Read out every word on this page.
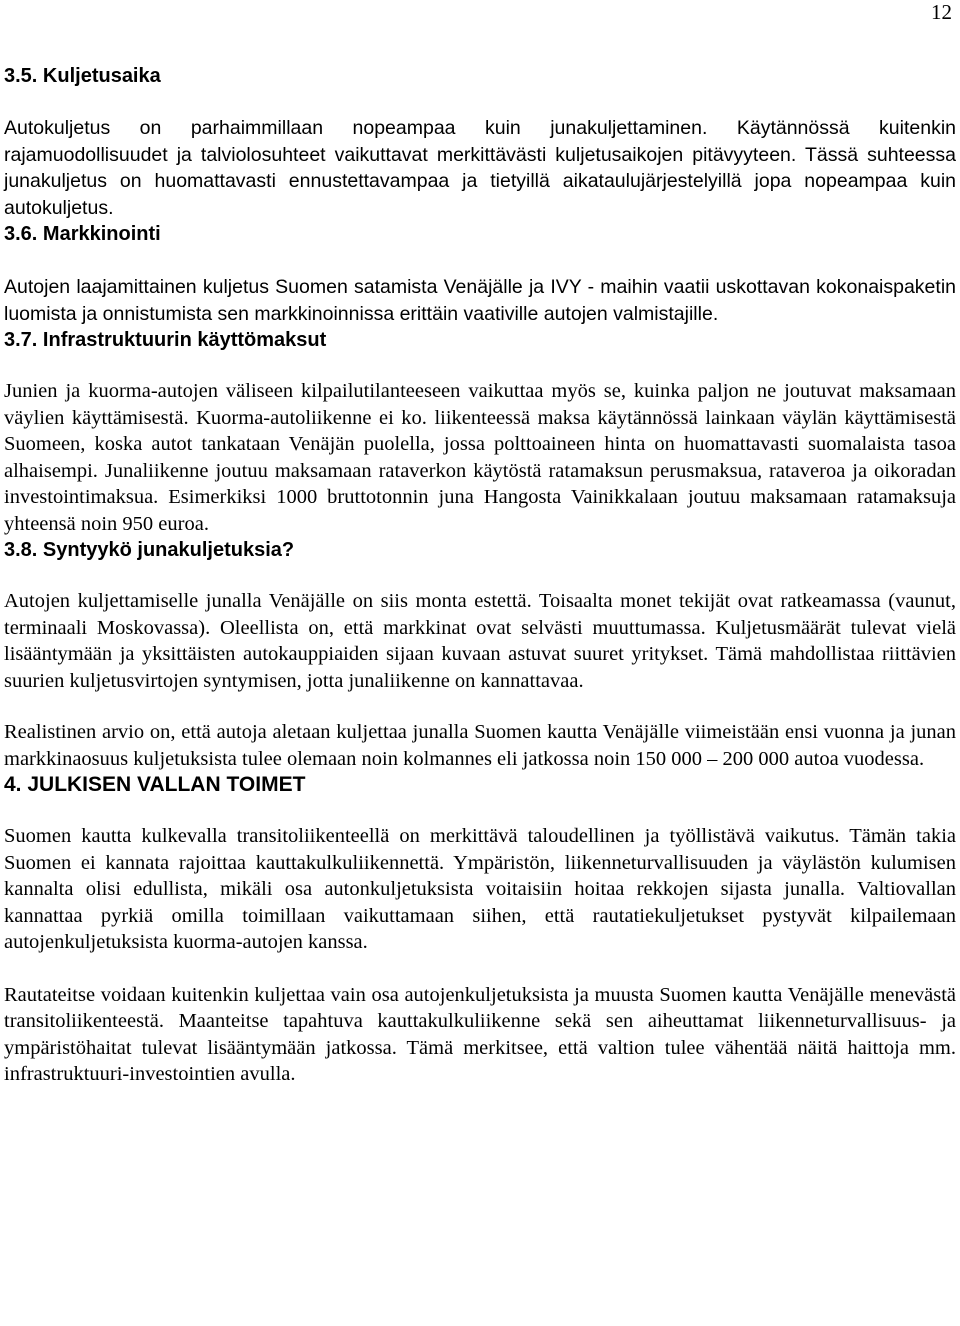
12
3.5. Kuljetusaika

Autokuljetus on parhaimmillaan nopeampaa kuin junakuljettaminen. Käytännössä kuitenkin rajamuodollisuudet ja talviolosuhteet vaikuttavat merkittävästi kuljetusaikojen pitävyyteen. Tässä suhteessa junakuljetus on huomattavasti ennustettavampaa ja tietyillä aikataulujärjestelyillä jopa nopeampaa kuin autokuljetus.

3.6. Markkinointi

Autojen laajamittainen kuljetus Suomen satamista Venäjälle ja IVY - maihin vaatii uskottavan kokonaispaketin luomista ja onnistumista sen markkinoinnissa erittäin vaativille autojen valmistajille.

3.7. Infrastruktuurin käyttömaksut

Junien ja kuorma-autojen väliseen kilpailutilanteeseen vaikuttaa myös se, kuinka paljon ne joutuvat maksamaan väylien käyttämisestä. Kuorma-autoliikenne ei ko. liikenteessä maksa käytännössä lainkaan väylän käyttämisestä Suomeen, koska autot tankataan Venäjän puolella, jossa polttoaineen hinta on huomattavasti suomalaista tasoa alhaisempi. Junaliikenne joutuu maksamaan rataverkon käytöstä ratamaksun perusmaksua, rataveroa ja oikoradan investointimaksua. Esimerkiksi 1000 bruttotonnin juna Hangosta Vainikkalaan joutuu maksamaan ratamaksuja yhteensä noin 950 euroa.

3.8. Syntyykö junakuljetuksia?

Autojen kuljettamiselle junalla Venäjälle on siis monta estettä. Toisaalta monet tekijät ovat ratkeamassa (vaunut, terminaali Moskovassa). Oleellista on, että markkinat ovat selvästi muuttumassa. Kuljetusmäärät tulevat vielä lisääntymään ja yksittäisten autokauppiaiden sijaan kuvaan astuvat suuret yritykset. Tämä mahdollistaa riittävien suurien kuljetusvirtojen syntymisen, jotta junaliikenne on kannattavaa.

Realistinen arvio on, että autoja aletaan kuljettaa junalla Suomen kautta Venäjälle viimeistään ensi vuonna ja junan markkinaosuus kuljetuksista tulee olemaan noin kolmannes eli jatkossa noin 150 000 – 200 000 autoa vuodessa.

4. JULKISEN VALLAN TOIMET

Suomen kautta kulkevalla transitoliikenteellä on merkittävä taloudellinen ja työllistävä vaikutus. Tämän takia Suomen ei kannata rajoittaa kauttakulkuliikennettä. Ympäristön, liikenneturvallisuuden ja väylästön kulumisen kannalta olisi edullista, mikäli osa autonkuljetuksista voitaisiin hoitaa rekkojen sijasta junalla. Valtiovallan kannattaa pyrkiä omilla toimillaan vaikuttamaan siihen, että rautatiekuljetukset pystyvät kilpailemaan autojenkuljetuksista kuorma-autojen kanssa.

Rautateitse voidaan kuitenkin kuljettaa vain osa autojenkuljetuksista ja muusta Suomen kautta Venäjälle menevästä transitoliikenteestä. Maanteitse tapahtuva kauttakulkuliikenne sekä sen aiheuttamat liikenneturvallisuus- ja ympäristöhaitat tulevat lisääntymään jatkossa. Tämä merkitsee, että valtion tulee vähentää näitä haittoja mm. infrastruktuuri-investointien avulla.
